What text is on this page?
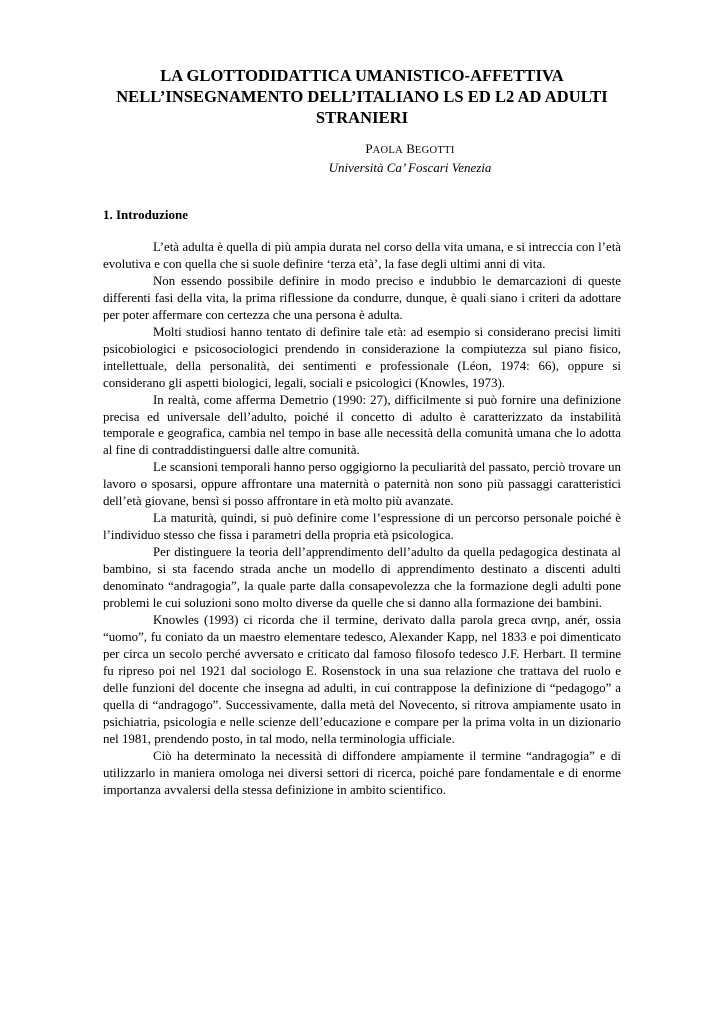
LA GLOTTODIDATTICA UMANISTICO-AFFETTIVA
NELL’INSEGNAMENTO DELL’ITALIANO LS ED L2 AD ADULTI
STRANIERI
PAOLA BEGOTTI
Università Ca’ Foscari Venezia
1. Introduzione

L’età adulta è quella di più ampia durata nel corso della vita umana, e si intreccia con l’età evolutiva e con quella che si suole definire ‘terza età’, la fase degli ultimi anni di vita.

Non essendo possibile definire in modo preciso e indubbio le demarcazioni di queste differenti fasi della vita, la prima riflessione da condurre, dunque, è quali siano i criteri da adottare per poter affermare con certezza che una persona è adulta.

Molti studiosi hanno tentato di definire tale età: ad esempio si considerano precisi limiti psicobiologici e psicosociologici prendendo in considerazione la compiutezza sul piano fisico, intellettuale, della personalità, dei sentimenti e professionale (Léon, 1974: 66), oppure si considerano gli aspetti biologici, legali, sociali e psicologici (Knowles, 1973).

In realtà, come afferma Demetrio (1990: 27), difficilmente si può fornire una definizione precisa ed universale dell’adulto, poiché il concetto di adulto è caratterizzato da instabilità temporale e geografica, cambia nel tempo in base alle necessità della comunità umana che lo adotta al fine di contraddistinguersi dalle altre comunità.

Le scansioni temporali hanno perso oggigiorno la peculiarità del passato, perciò trovare un lavoro o sposarsi, oppure affrontare una maternità o paternità non sono più passaggi caratteristici dell’età giovane, bensì si posso affrontare in età molto più avanzate.

La maturità, quindi, si può definire come l’espressione di un percorso personale poiché è l’individuo stesso che fissa i parametri della propria età psicologica.

Per distinguere la teoria dell’apprendimento dell’adulto da quella pedagogica destinata al bambino, si sta facendo strada anche un modello di apprendimento destinato a discenti adulti denominato “andragogia”, la quale parte dalla consapevolezza che la formazione degli adulti pone problemi le cui soluzioni sono molto diverse da quelle che si danno alla formazione dei bambini.

Knowles (1993) ci ricorda che il termine, derivato dalla parola greca ανηρ, anér, ossia “uomo”, fu coniato da un maestro elementare tedesco, Alexander Kapp, nel 1833 e poi dimenticato per circa un secolo perché avversato e criticato dal famoso filosofo tedesco J.F. Herbart. Il termine fu ripreso poi nel 1921 dal sociologo E. Rosenstock in una sua relazione che trattava del ruolo e delle funzioni del docente che insegna ad adulti, in cui contrappose la definizione di “pedagogo” a quella di “andragogo”. Successivamente, dalla metà del Novecento, si ritrova ampiamente usato in psichiatria, psicologia e nelle scienze dell’educazione e compare per la prima volta in un dizionario nel 1981, prendendo posto, in tal modo, nella terminologia ufficiale.

Ciò ha determinato la necessità di diffondere ampiamente il termine “andragogia” e di utilizzarlo in maniera omologa nei diversi settori di ricerca, poiché pare fondamentale e di enorme importanza avvalersi della stessa definizione in ambito scientifico.
